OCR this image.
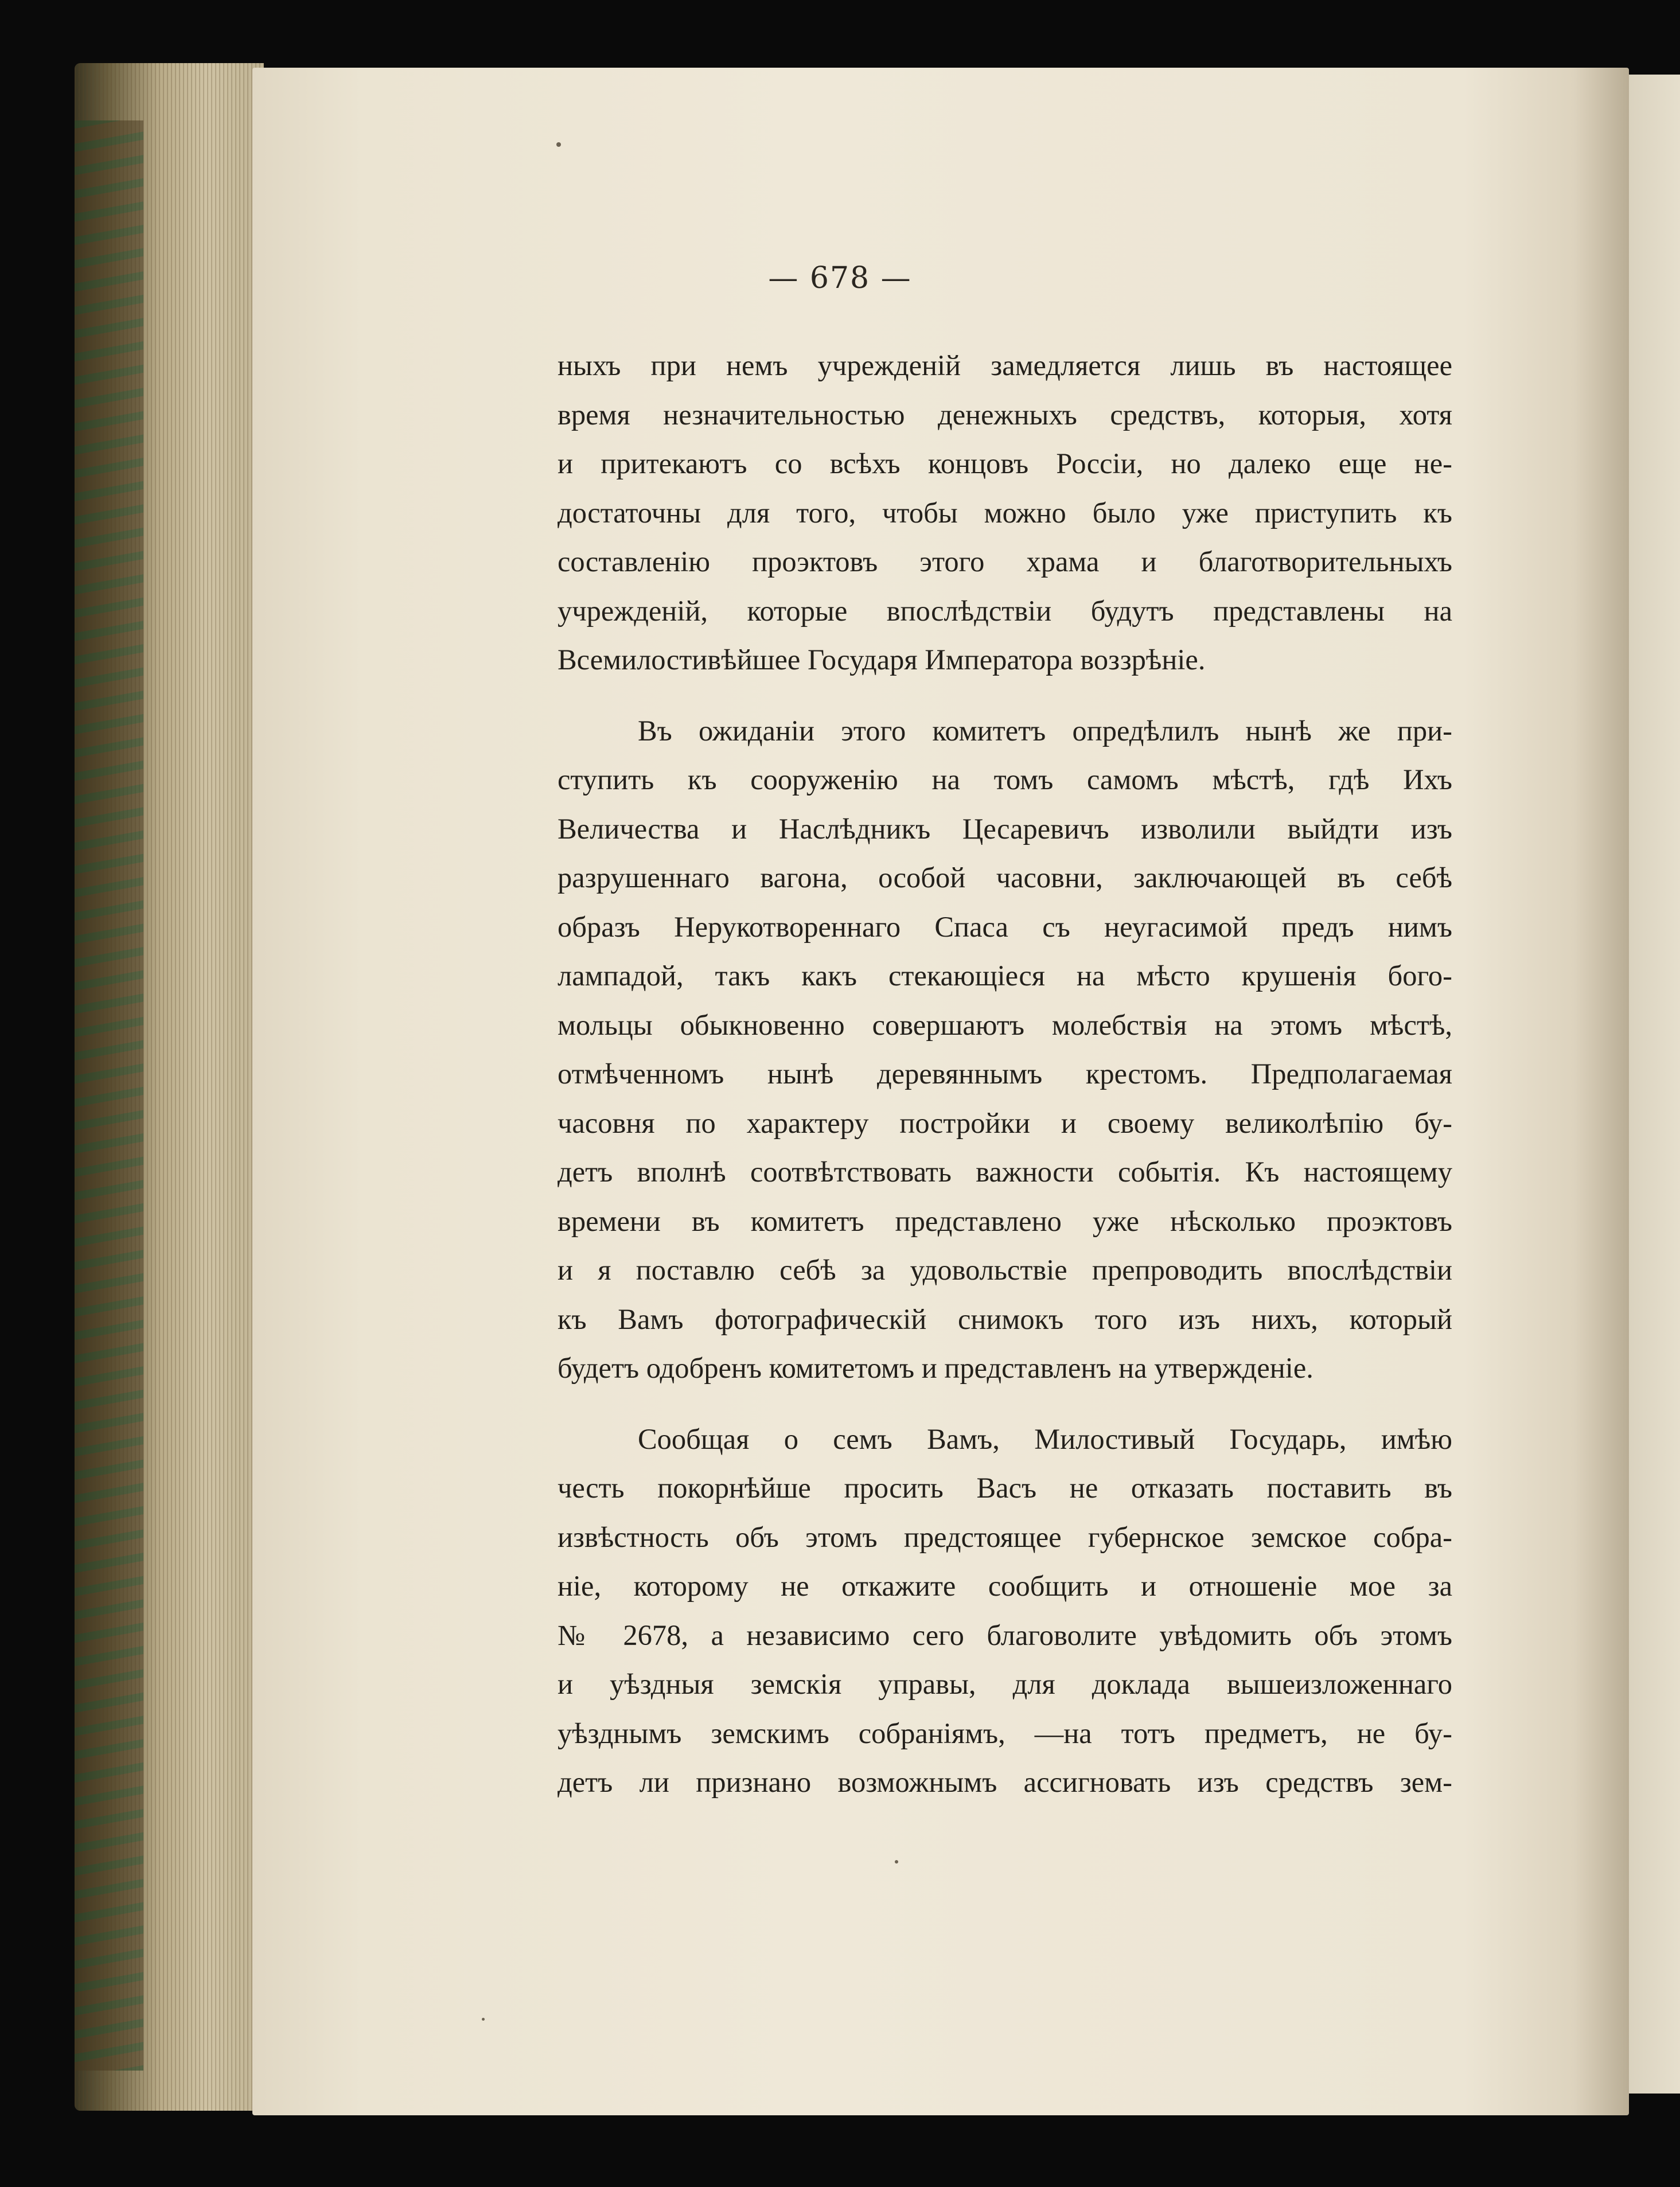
— 678 —
ныхъ при немъ учрежденій замедляется лишь въ настоящее
время незначительностью денежныхъ средствъ, которыя, хотя
и притекаютъ со всѣхъ концовъ Россіи, но далеко еще не-
достаточны для того, чтобы можно было уже приступить къ
составленію проэктовъ этого храма и благотворительныхъ
учрежденій, которые впослѣдствіи будутъ представлены на
Всемилостивѣйшее Государя Императора воззрѣніе.
Въ ожиданіи этого комитетъ опредѣлилъ нынѣ же при-
ступить къ сооруженію на томъ самомъ мѣстѣ, гдѣ Ихъ
Величества и Наслѣдникъ Цесаревичъ изволили выйдти изъ
разрушеннаго вагона, особой часовни, заключающей въ себѣ
образъ Нерукотвореннаго Спаса съ неугасимой предъ нимъ
лампадой, такъ какъ стекающіеся на мѣсто крушенія бого-
мольцы обыкновенно совершаютъ молебствія на этомъ мѣстѣ,
отмѣченномъ нынѣ деревяннымъ крестомъ. Предполагаемая
часовня по характеру постройки и своему великолѣпію бу-
детъ вполнѣ соотвѣтствовать важности событія. Къ настоящему
времени въ комитетъ представлено уже нѣсколько проэктовъ
и я поставлю себѣ за удовольствіе препроводить впослѣдствіи
къ Вамъ фотографическій снимокъ того изъ нихъ, который
будетъ одобренъ комитетомъ и представленъ на утвержденіе.
Сообщая о семъ Вамъ, Милостивый Государь, имѣю
честь покорнѣйше просить Васъ не отказать поставить въ
извѣстность объ этомъ предстоящее губернское земское собра-
ніе, которому не откажите сообщить и отношеніе мое за
№ 2678, а независимо сего благоволите увѣдомить объ этомъ
и уѣздныя земскія управы, для доклада вышеизложеннаго
уѣзднымъ земскимъ собраніямъ, —на тотъ предметъ, не бу-
детъ ли признано возможнымъ ассигновать изъ средствъ зем-
